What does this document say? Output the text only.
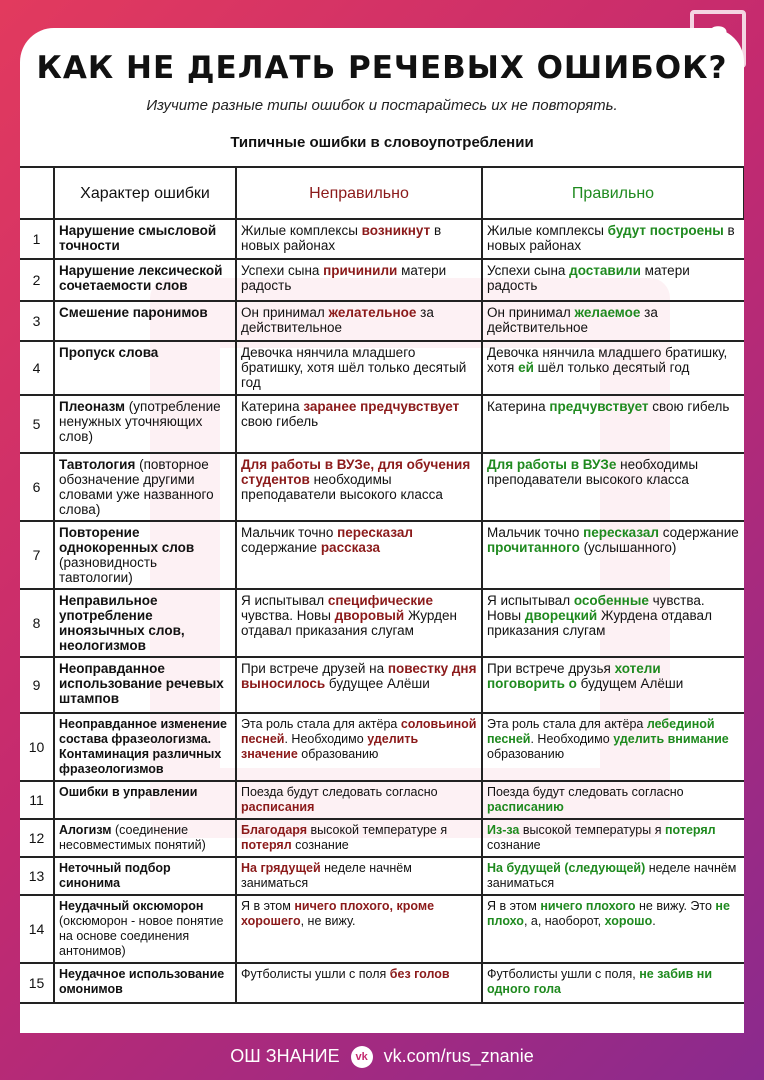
КАК НЕ ДЕЛАТЬ РЕЧЕВЫХ ОШИБОК?
Изучите разные типы ошибок и постарайтесь их не повторять.
Типичные ошибки в словоупотреблении
	Характер ошибки	Неправильно	Правильно
1	Нарушение смысловой точности	Жилые комплексы возникнут в новых районах	Жилые комплексы будут построены в новых районах
2	Нарушение лексической сочетаемости слов	Успехи сына причинили матери радость	Успехи сына доставили матери радость
3	Смешение паронимов	Он принимал желательное за действительное	Он принимал желаемое за действительное
4	Пропуск слова	Девочка нянчила младшего братишку, хотя шёл только десятый год	Девочка нянчила младшего братишку, хотя ей шёл только десятый год
5	Плеоназм (употребление ненужных уточняющих слов)	Катерина заранее предчувствует свою гибель	Катерина предчувствует свою гибель
6	Тавтология (повторное обозначение другими словами уже названного слова)	Для работы в ВУЗе, для обучения студентов необходимы преподаватели высокого класса	Для работы в ВУЗе необходимы преподаватели высокого класса
7	Повторение однокоренных слов (разновидность тавтологии)	Мальчик точно пересказал содержание рассказа	Мальчик точно пересказал содержание прочитанного (услышанного)
8	Неправильное употребление иноязычных слов, неологизмов	Я испытывал специфические чувства. Новы дворовый Журден отдавал приказания слугам	Я испытывал особенные чувства. Новы дворецкий Журдена отдавал приказания слугам
9	Неоправданное использование речевых штампов	При встрече друзей на повестку дня выносилось будущее Алёши	При встрече друзья хотели поговорить о будущем Алёши
10	Неоправданное изменение состава фразеологизма. Контаминация различных фразеологизмов	Эта роль стала для актёра соловьиной песней. Необходимо уделить значение образованию	Эта роль стала для актёра лебединой песней. Необходимо уделить внимание образованию
11	Ошибки в управлении	Поезда будут следовать согласно расписания	Поезда будут следовать согласно расписанию
12	Алогизм (соединение несовместимых понятий)	Благодаря высокой температуре я потерял сознание	Из-за высокой температуры я потерял сознание
13	Неточный подбор синонима	На грядущей неделе начнём заниматься	На будущей (следующей) неделе начнём заниматься
14	Неудачный оксюморон (оксюморон - новое понятие на основе соединения антонимов)	Я в этом ничего плохого, кроме хорошего, не вижу.	Я в этом ничего плохого не вижу. Это не плохо, а, наоборот, хорошо.
15	Неудачное использование омонимов	Футболисты ушли с поля без голов	Футболисты ушли с поля, не забив ни одного гола
ОШ ЗНАНИЕ vk vk.com/rus_znanie
